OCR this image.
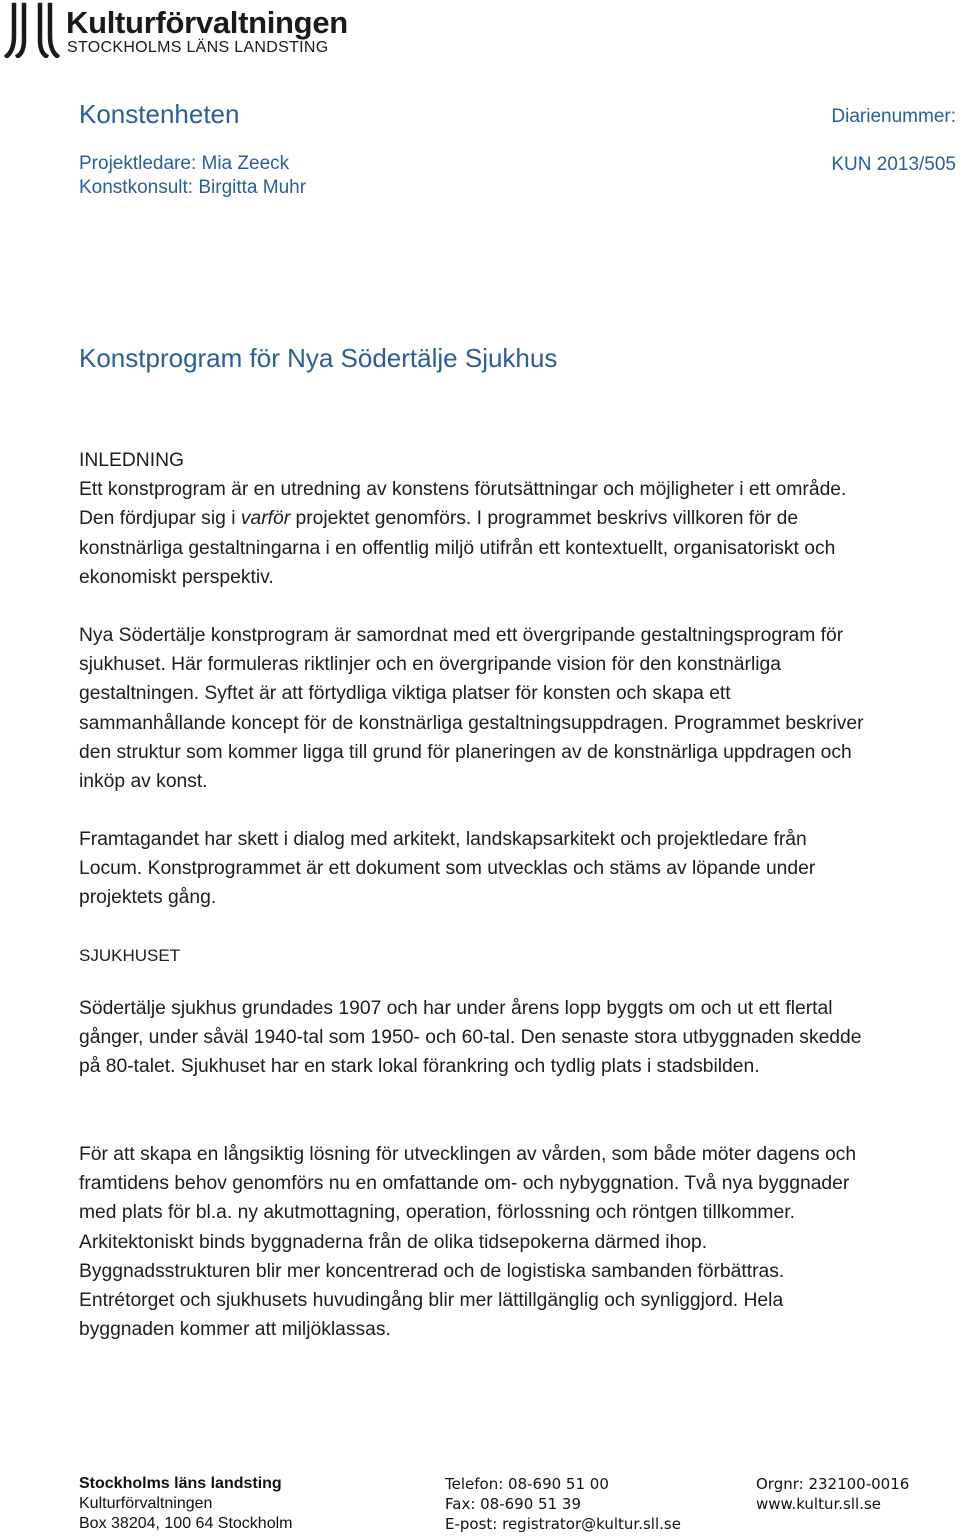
Kulturförvaltningen
STOCKHOLMS LÄNS LANDSTING
Konstenheten
Projektledare: Mia Zeeck
Konstkonsult: Birgitta Muhr
Diarienummer:
KUN 2013/505
Konstprogram för Nya Södertälje Sjukhus

INLEDNING

Ett konstprogram är en utredning av konstens förutsättningar och möjligheter i ett område. Den fördjupar sig i varför projektet genomförs. I programmet beskrivs villkoren för de konstnärliga gestaltningarna i en offentlig miljö utifrån ett kontextuellt, organisatoriskt och ekonomiskt perspektiv.

Nya Södertälje konstprogram är samordnat med ett övergripande gestaltningsprogram för sjukhuset. Här formuleras riktlinjer och en övergripande vision för den konstnärliga gestaltningen. Syftet är att förtydliga viktiga platser för konsten och skapa ett sammanhållande koncept för de konstnärliga gestaltningsuppdragen. Programmet beskriver den struktur som kommer ligga till grund för planeringen av de konstnärliga uppdragen och inköp av konst.
Framtagandet har skett i dialog med arkitekt, landskapsarkitekt och projektledare från Locum. Konstprogrammet är ett dokument som utvecklas och stäms av löpande under projektets gång.
SJUKHUSET
Södertälje sjukhus grundades 1907 och har under årens lopp byggts om och ut ett flertal gånger, under såväl 1940-tal som 1950- och 60-tal. Den senaste stora utbyggnaden skedde på 80-talet. Sjukhuset har en stark lokal förankring och tydlig plats i stadsbilden.
För att skapa en långsiktig lösning för utvecklingen av vården, som både möter dagens och framtidens behov genomförs nu en omfattande om- och nybyggnation. Två nya byggnader med plats för bl.a. ny akutmottagning, operation, förlossning och röntgen tillkommer. Arkitektoniskt binds byggnaderna från de olika tidsepokerna därmed ihop. Byggnadsstrukturen blir mer koncentrerad och de logistiska sambanden förbättras. Entrétorget och sjukhusets huvudingång blir mer lättillgänglig och synliggjord. Hela byggnaden kommer att miljöklassas.
Stockholms läns landsting
Kulturförvaltningen
Box 38204, 100 64 Stockholm
Telefon: 08-690 51 00
Fax: 08-690 51 39
E-post: registrator@kultur.sll.se
Orgnr: 232100-0016
www.kultur.sll.se
